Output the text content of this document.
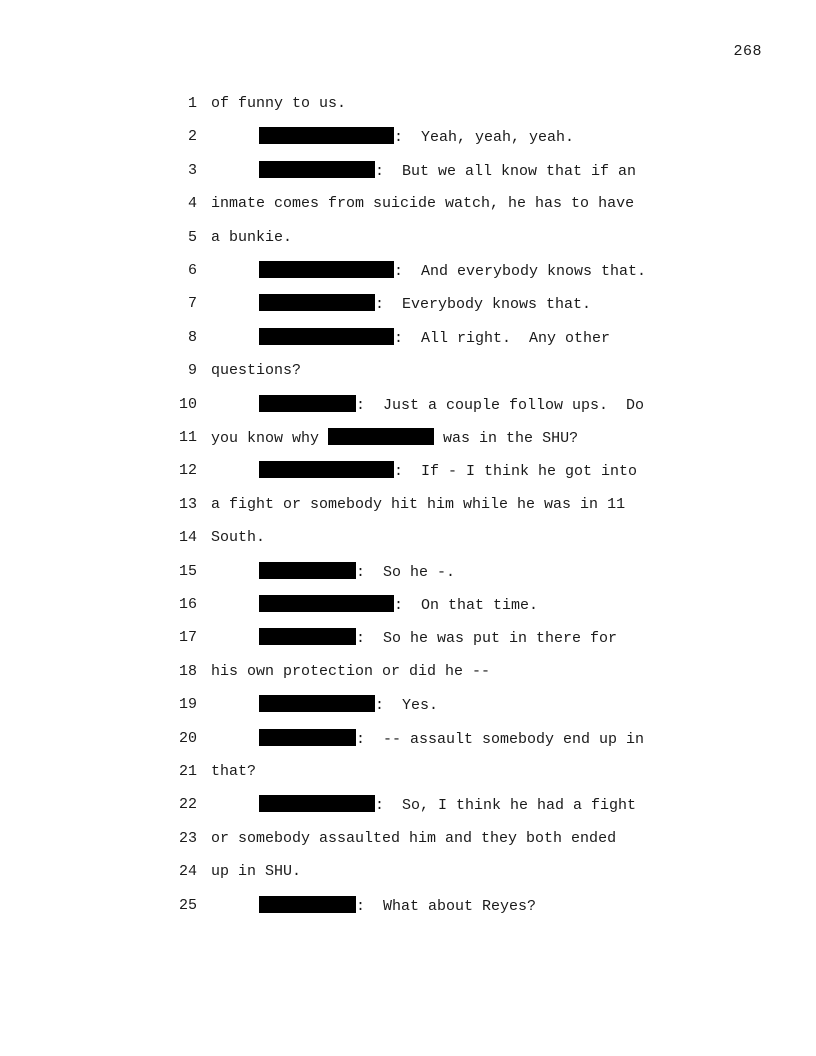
268
1 of funny to us.
2	:  Yeah, yeah, yeah.
3	:  But we all know that if an
4 inmate comes from suicide watch, he has to have
5 a bunkie.
6	:  And everybody knows that.
7	:  Everybody knows that.
8	:  All right.  Any other
9 questions?
10	:  Just a couple follow ups.  Do
11 you know why	was in the SHU?
12	:  If - I think he got into
13 a fight or somebody hit him while he was in 11
14 South.
15	:  So he -.
16	:  On that time.
17	:  So he was put in there for
18 his own protection or did he --
19	:  Yes.
20	:  -- assault somebody end up in
21 that?
22	:  So, I think he had a fight
23 or somebody assaulted him and they both ended
24 up in SHU.
25	:  What about Reyes?
